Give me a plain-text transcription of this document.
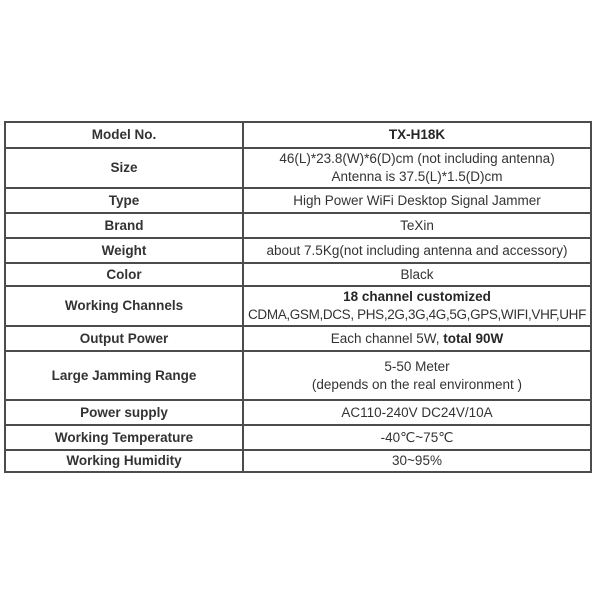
Model No.	TX-H18K
Size	46(L)*23.8(W)*6(D)cm (not including antenna)
Antenna is 37.5(L)*1.5(D)cm

Type	High Power WiFi Desktop Signal Jammer
Brand	TeXin
Weight	about 7.5Kg(not including antenna and accessory)
Color	Black
Working Channels	18 channel customized
CDMA,GSM,DCS, PHS,2G,3G,4G,5G,GPS,WIFI,VHF,UHF

Output Power	Each channel 5W, total 90W
Large Jamming Range	5-50 Meter
(depends on the real environment )

Power supply	AC110-240V DC24V/10A
Working Temperature	-40℃~75℃
Working Humidity	30~95%
